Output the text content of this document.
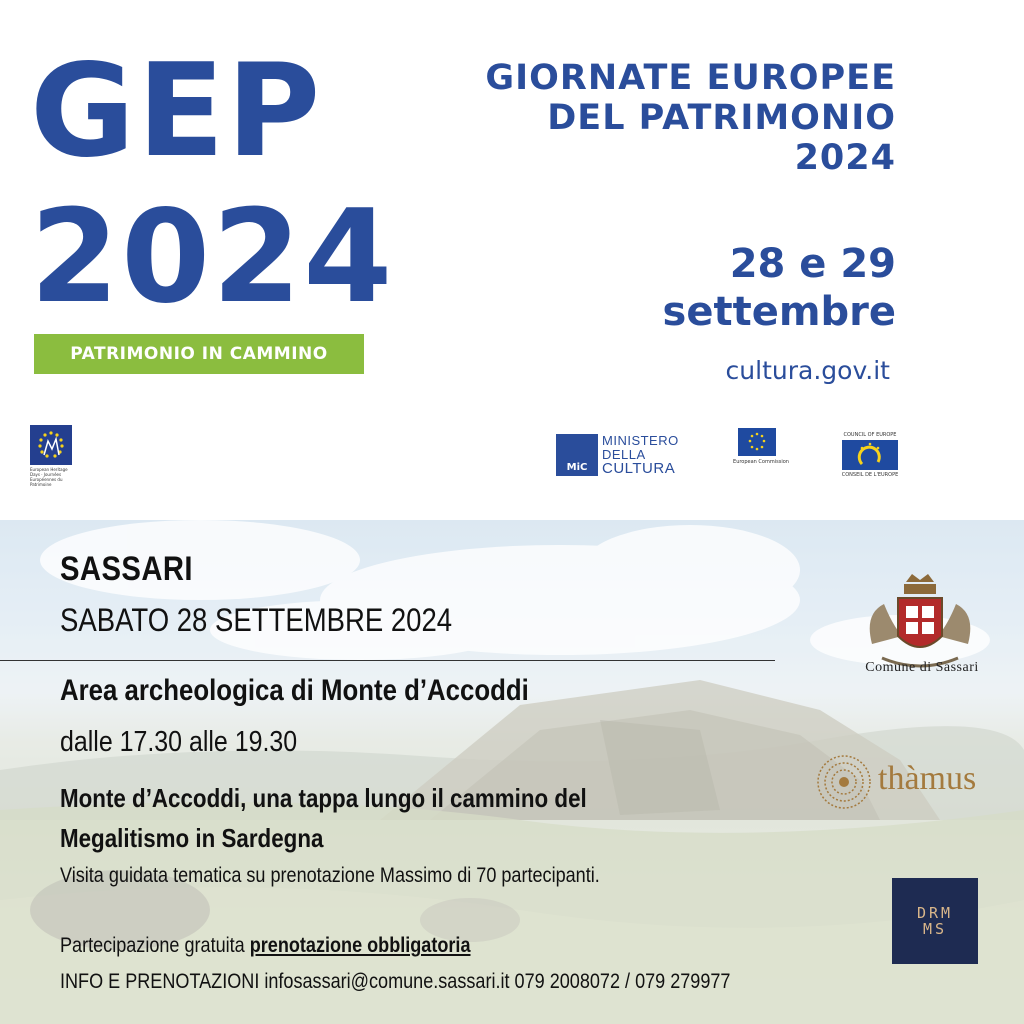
GEP
2024
PATRIMONIO IN CAMMINO
GIORNATE EUROPEE
DEL PATRIMONIO
2024
28 e 29
settembre
cultura.gov.it
European Heritage Days · Journées Européennes du Patrimoine
MiC
MINISTERO
DELLA
CULTURA	European Commission
COUNCIL OF EUROPE
CONSEIL DE L'EUROPE
SASSARI
SABATO 28 SETTEMBRE 2024
Area archeologica di Monte d’Accoddi
dalle 17.30 alle 19.30
Monte d’Accoddi, una tappa lungo il cammino del
Megalitismo in Sardegna
Visita guidata tematica su prenotazione Massimo di 70 partecipanti.
Partecipazione gratuita prenotazione obbligatoria
INFO E PRENOTAZIONI infosassari@comune.sassari.it 079 2008072 / 079 279977
Comune di Sassari
thàmus
DRM
MS
